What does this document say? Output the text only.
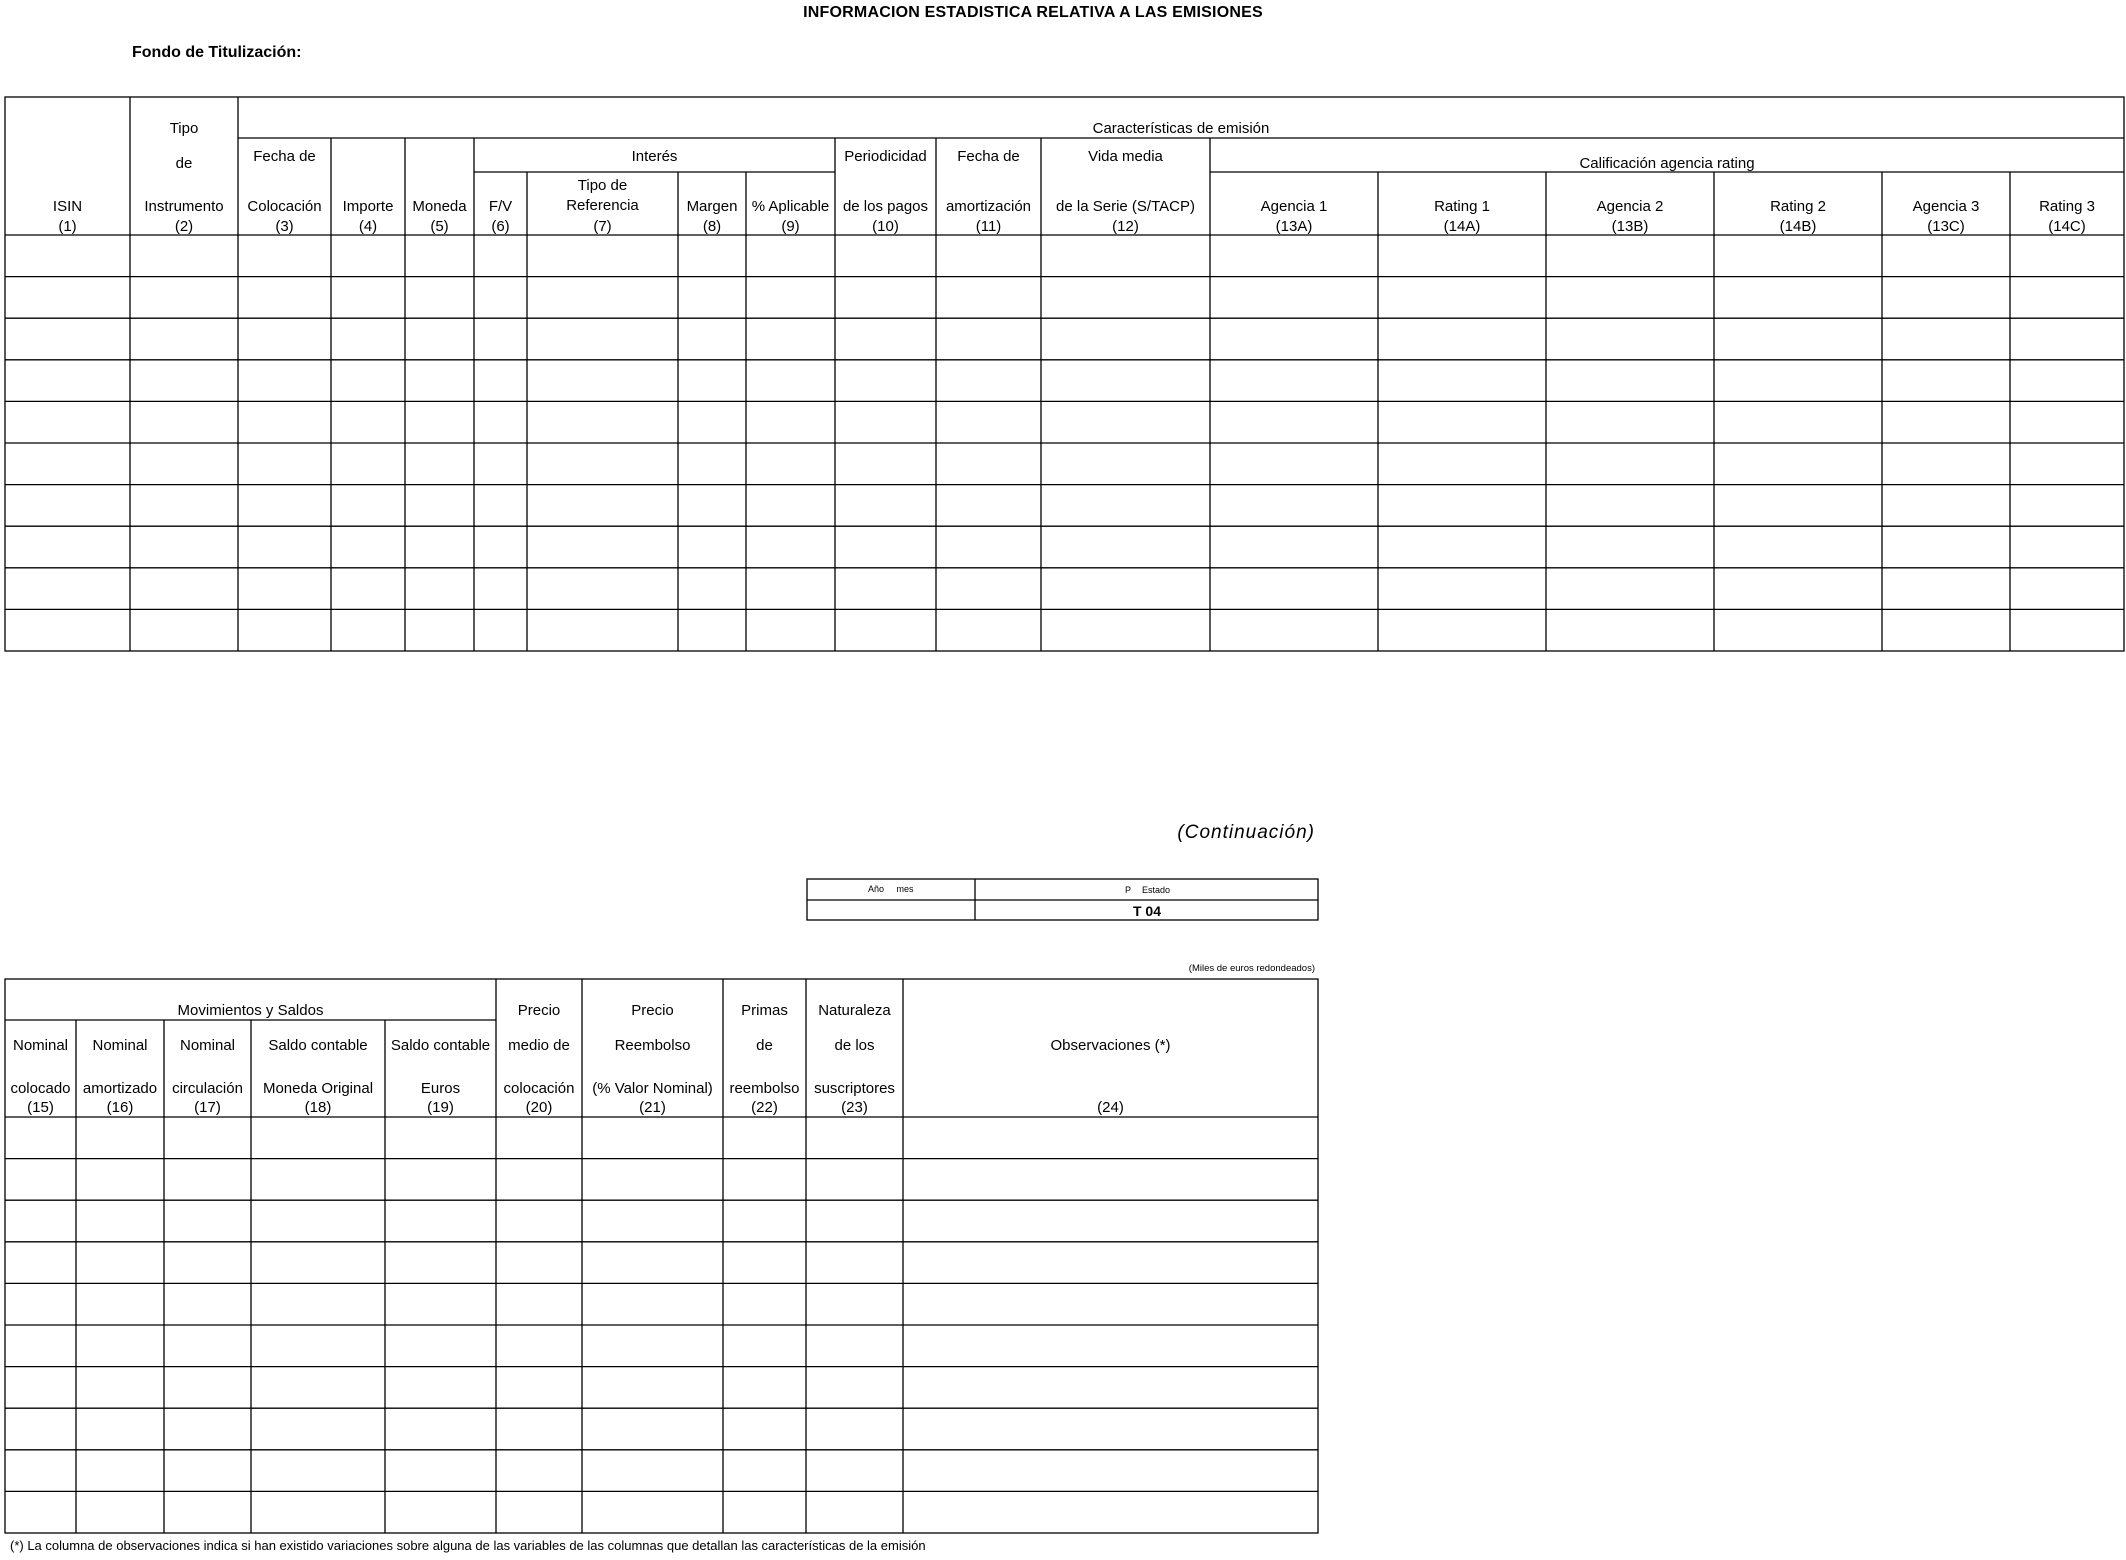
INFORMACION ESTADISTICA RELATIVA A LAS EMISIONES
Fondo de Titulización:
Características de emisión
Interés	Calificación agencia rating
ISIN
(1)
Tipo
de
Instrumento
(2)
Fecha de
Colocación
(3)
Importe
(4)
Moneda
(5)
F/V
(6)
Tipo de
Referencia
(7)
Margen
(8)
% Aplicable
(9)
Periodicidad
de los pagos
(10)
Fecha de
amortización
(11)
Vida media
de la Serie (S/TACP)
(12)
Agencia 1
(13A)
Rating 1
(14A)
Agencia 2
(13B)
Rating 2
(14B)
Agencia 3
(13C)
Rating 3
(14C)
Año mes	P Estado
T 04
Movimientos y Saldos
Nominal
colocado
(15)
Nominal
amortizado
(16)
Nominal
circulación
(17)
Saldo contable
Moneda Original
(18)
Saldo contable
Euros
(19)
Precio
medio de
colocación
(20)
Precio
Reembolso
(% Valor Nominal)
(21)
Primas
de
reembolso
(22)
Naturaleza
de los
suscriptores
(23)
Observaciones (*)
(24)
(Continuación)
(Miles de euros redondeados)
(*) La columna de observaciones indica si han existido variaciones sobre alguna de las variables de las columnas que detallan las características de la emisión
